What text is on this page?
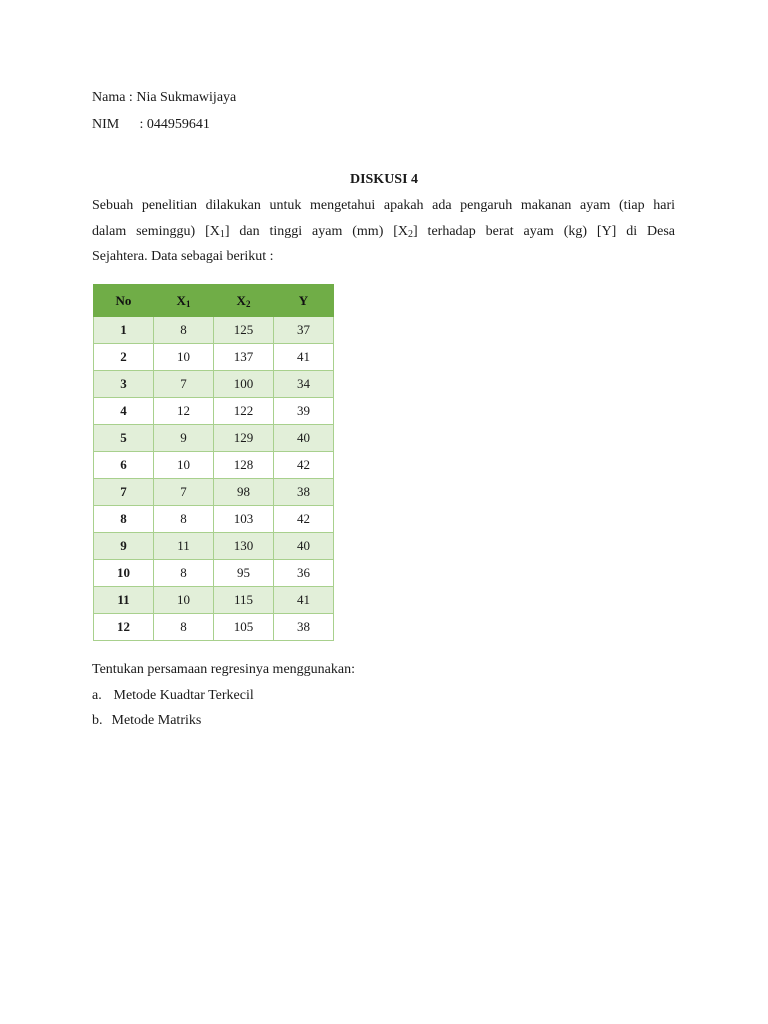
Nama : Nia Sukmawijaya
NIM : 044959641
DISKUSI 4
Sebuah penelitian dilakukan untuk mengetahui apakah ada pengaruh makanan ayam (tiap hari
dalam seminggu) $[X_1]$ dan tinggi ayam (mm) $[X_2]$ terhadap berat ayam (kg) [Y] di Desa
Sejahtera. Data sebagai berikut :
No	$X_1$	$X_2$	Y
1	8	125	37
2	10	137	41
3	7	100	34
4	12	122	39
5	9	129	40
6	10	128	42
7	7	98	38
8	8	103	42
9	11	130	40
10	8	95	36
11	10	115	41
12	8	105	38
Tentukan persamaan regresinya menggunakan:
a. Metode Kuadtar Terkecil
b. Metode Matriks
